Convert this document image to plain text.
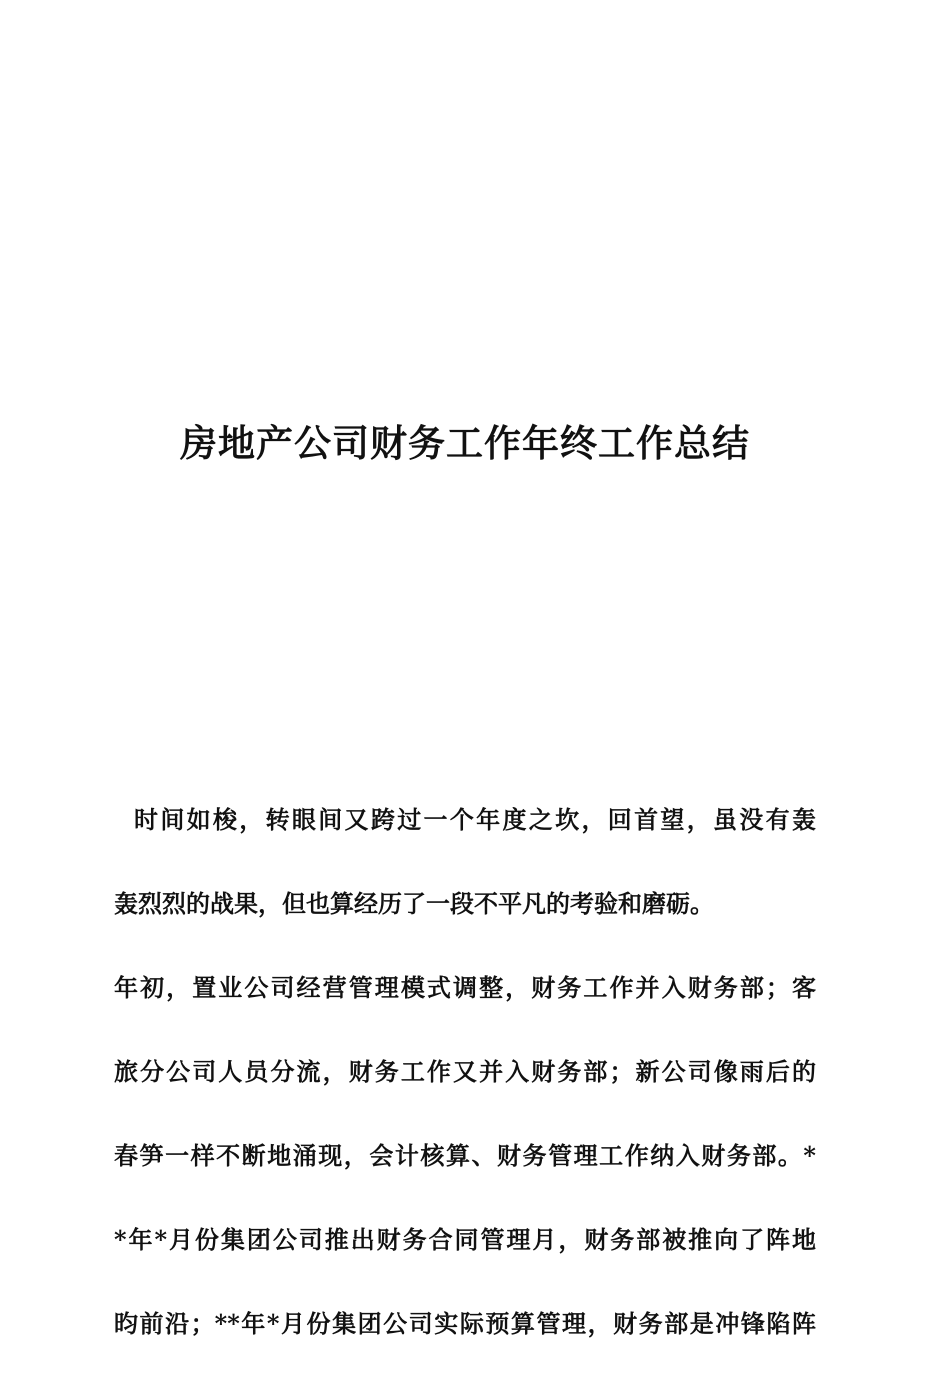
房地产公司财务工作年终工作总结
时间如梭，转眼间又跨过一个年度之坎，回首望，虽没有轰
轰烈烈的战果，但也算经历了一段不平凡的考验和磨砺。
年初，置业公司经营管理模式调整，财务工作并入财务部；客
旅分公司人员分流，财务工作又并入财务部；新公司像雨后的
春笋一样不断地涌现，会计核算、财务管理工作纳入财务部。*
*年*月份集团公司推出财务合同管理月，财务部被推向了阵地
昀前沿；**年*月份集团公司实际预算管理，财务部是冲锋陷阵
